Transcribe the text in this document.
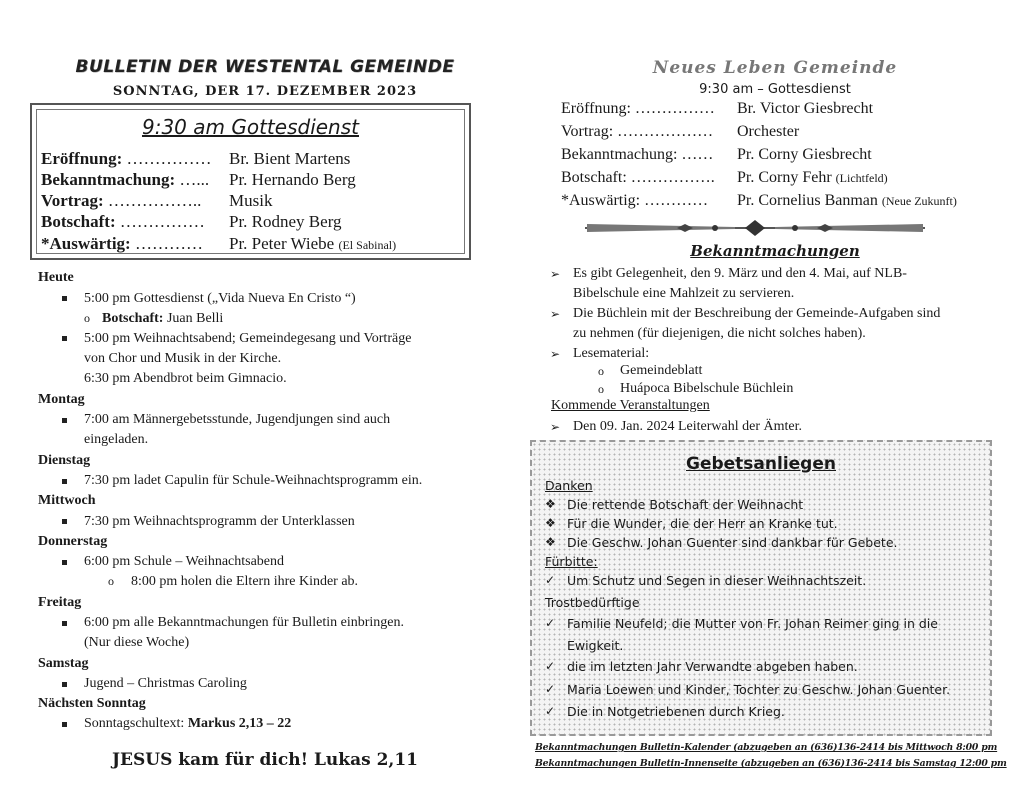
BULLETIN DER WESTENTAL GEMEINDE
SONNTAG, DER 17. DEZEMBER 2023
9:30 am Gottesdienst
Eröffnung: …………… Br. Bient Martens
Bekanntmachung: …... Pr. Hernando Berg
Vortrag: …………….. Musik
Botschaft: …………… Pr. Rodney Berg
*Auswärtig: ………… Pr. Peter Wiebe (El Sabinal)
Heute
5:00 pm Gottesdienst („Vida Nueva En Cristo “)
o Botschaft: Juan Belli
5:00 pm Weihnachtsabend; Gemeindegesang und Vorträge
von Chor und Musik in der Kirche.
6:30 pm Abendbrot beim Gimnacio.
Montag
7:00 am Männergebetsstunde, Jugendjungen sind auch
eingeladen.
Dienstag
7:30 pm ladet Capulin für Schule-Weihnachtsprogramm ein.
Mittwoch
7:30 pm Weihnachtsprogramm der Unterklassen
Donnerstag
6:00 pm Schule – Weihnachtsabend
o 8:00 pm holen die Eltern ihre Kinder ab.
Freitag
6:00 pm alle Bekanntmachungen für Bulletin einbringen.
(Nur diese Woche)
Samstag
Jugend – Christmas Caroling
Nächsten Sonntag
Sonntagschultext: Markus 2,13 – 22
JESUS kam für dich! Lukas 2,11
Neues Leben Gemeinde
9:30 am – Gottesdienst
Eröffnung: …………… Br. Victor Giesbrecht
Vortrag: ……………… Orchester
Bekanntmachung: …… Pr. Corny Giesbrecht
Botschaft: ……………. Pr. Corny Fehr (Lichtfeld)
*Auswärtig: ………… Pr. Cornelius Banman (Neue Zukunft)
Bekanntmachungen
➢ Es gibt Gelegenheit, den 9. März und den 4. Mai, auf NLB-
Bibelschule eine Mahlzeit zu servieren.
➢ Die Büchlein mit der Beschreibung der Gemeinde-Aufgaben sind
zu nehmen (für diejenigen, die nicht solches haben).
➢ Lesematerial:
o Gemeindeblatt
o Huápoca Bibelschule Büchlein
Kommende Veranstaltungen
➢ Den 09. Jan. 2024 Leiterwahl der Ämter.
Gebetsanliegen
Danken
❖ Die rettende Botschaft der Weihnacht
❖ Für die Wunder, die der Herr an Kranke tut.
❖ Die Geschw. Johan Guenter sind dankbar für Gebete.
Fürbitte:
✓ Um Schutz und Segen in dieser Weihnachtszeit.
Trostbedürftige
✓ Familie Neufeld; die Mutter von Fr. Johan Reimer ging in die
Ewigkeit.
✓ die im letzten Jahr Verwandte abgeben haben.
✓ Maria Loewen und Kinder, Tochter zu Geschw. Johan Guenter.
✓ Die in Notgetriebenen durch Krieg.
Bekanntmachungen Bulletin-Kalender (abzugeben an (636)136-2414 bis Mittwoch 8:00 pm
Bekanntmachungen Bulletin-Innenseite (abzugeben an (636)136-2414 bis Samstag 12:00 pm
